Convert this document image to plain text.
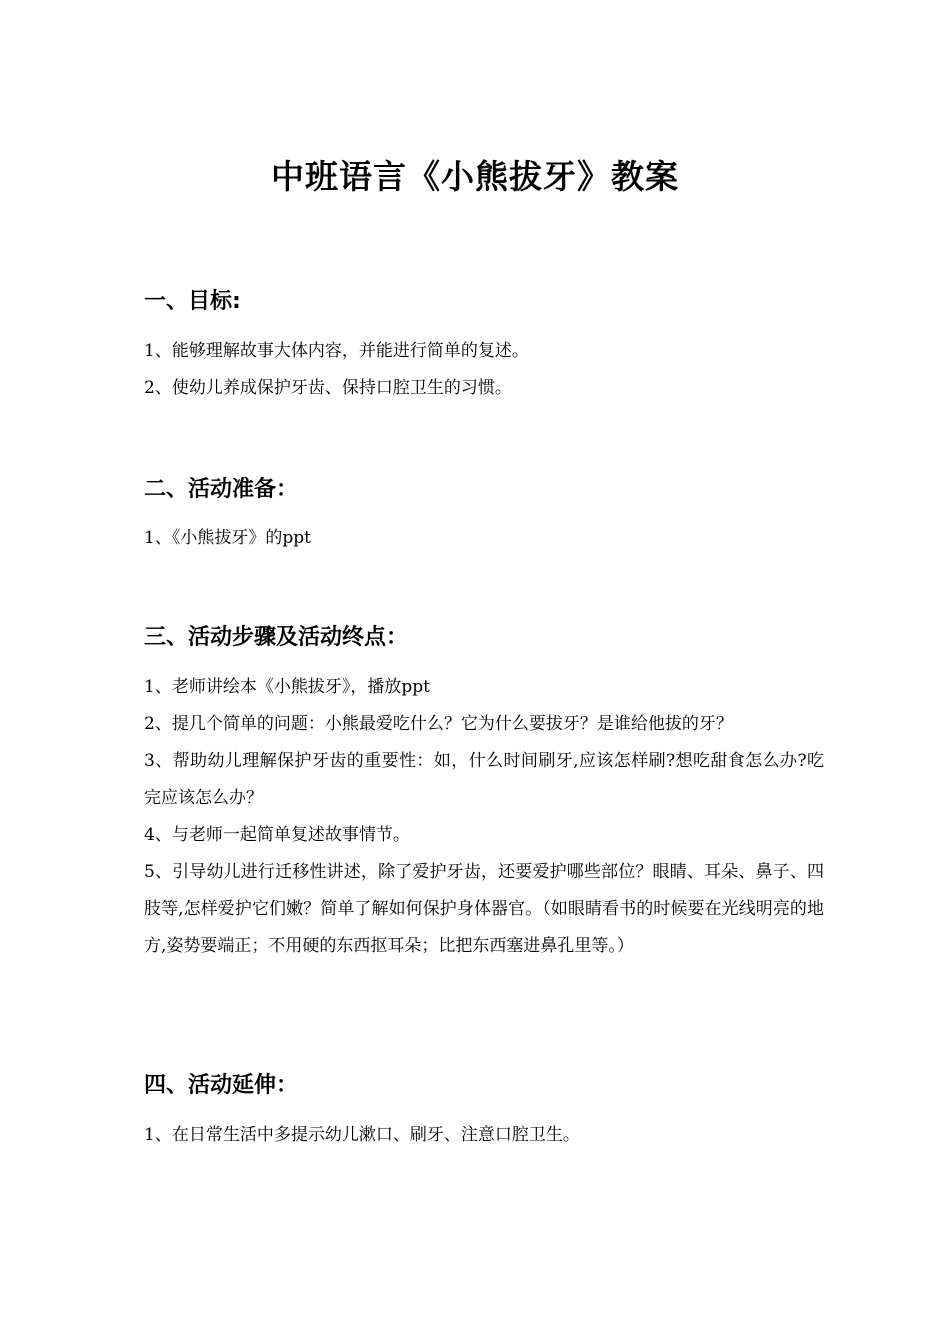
中班语言《小熊拔牙》教案
一、目标:
1、能够理解故事大体内容，并能进行简单的复述。
2、使幼儿养成保护牙齿、保持口腔卫生的习惯。
二、活动准备：
1、《小熊拔牙》的ppt
三、活动步骤及活动终点：
1、老师讲绘本《小熊拔牙》，播放ppt
2、提几个简单的问题：小熊最爱吃什么？它为什么要拔牙？是谁给他拔的牙？
3、帮助幼儿理解保护牙齿的重要性：如，什么时间刷牙,应该怎样刷?想吃甜食怎么办?吃完应该怎么办？
4、与老师一起简单复述故事情节。
5、引导幼儿进行迁移性讲述，除了爱护牙齿，还要爱护哪些部位？眼睛、耳朵、鼻子、四肢等,怎样爱护它们嫩？简单了解如何保护身体器官。（如眼睛看书的时候要在光线明亮的地方,姿势要端正；不用硬的东西抠耳朵；比把东西塞进鼻孔里等。）
四、活动延伸：
1、在日常生活中多提示幼儿漱口、刷牙、注意口腔卫生。
